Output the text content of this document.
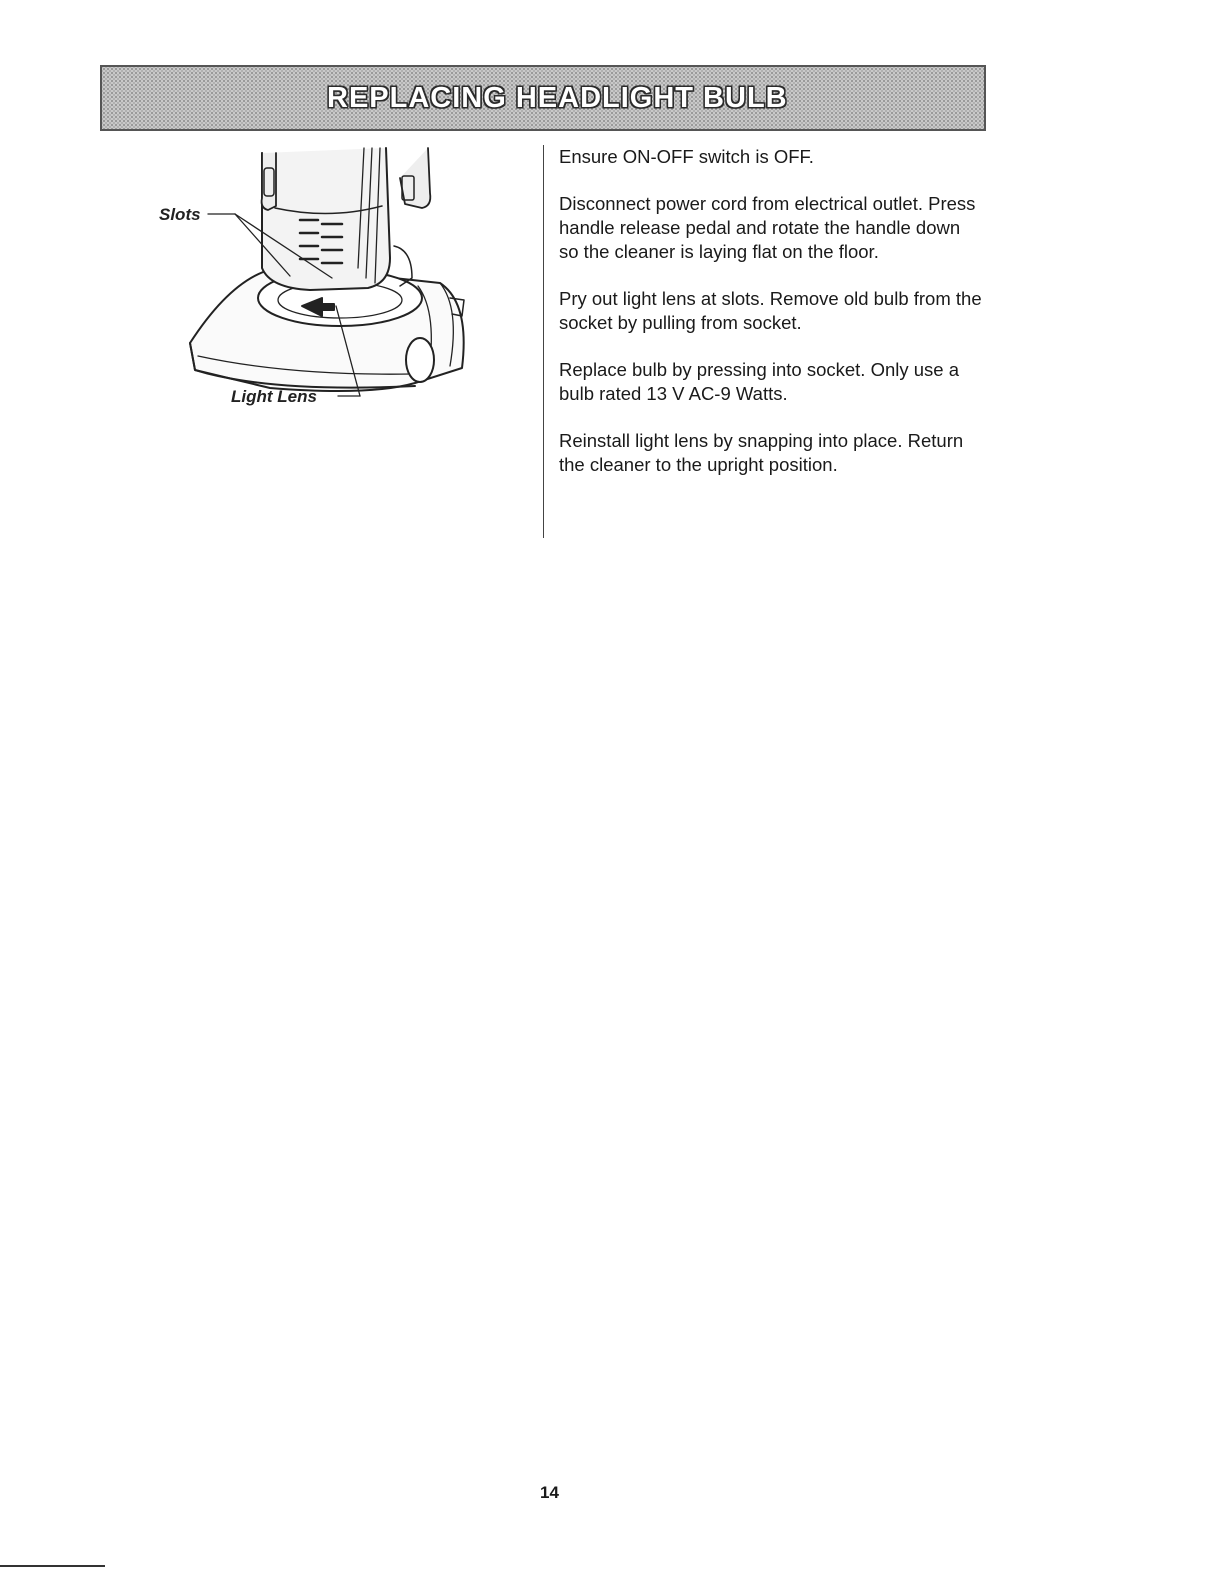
REPLACING HEADLIGHT BULB
Slots
Light Lens

Ensure ON-OFF switch is OFF.

Disconnect power cord from electrical outlet. Press handle release pedal and rotate the handle down so the cleaner is laying flat on the floor.

Pry out light lens at slots. Remove old bulb from the socket by pulling from socket.

Replace bulb by pressing into socket. Only use a bulb rated 13 V AC-9 Watts.

Reinstall light lens by snapping into place. Return the cleaner to the upright position.

14
